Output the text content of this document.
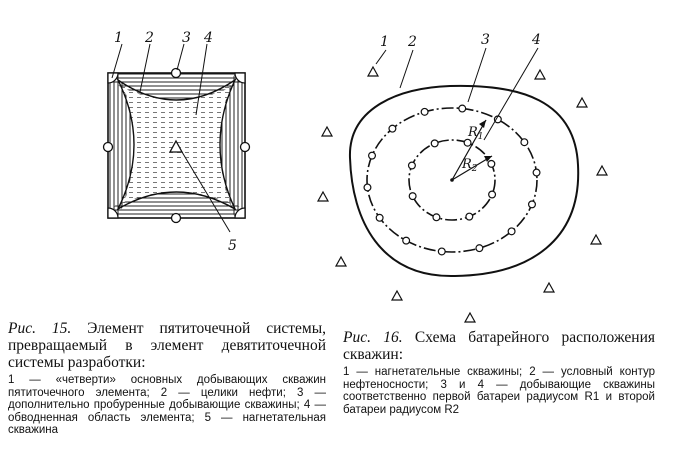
1 2 3 4
5
$R_1$
$R_2$
1 2	3	4
Рис. 15. Элемент пятиточечной системы, превращаемый в элемент девятиточечной системы разработки:
1 — «четверти» основных добывающих скважин пятиточечного элемента; 2 — целики нефти; 3 — дополнительно пробуренные добывающие скважины; 4 — обводненная область элемента; 5 — нагнетательная скважина
Рис. 16. Схема батарейного расположения скважин:
1 — нагнетательные скважины; 2 — условный контур нефтеносности; 3 и 4 — добывающие скважины соответственно первой батареи радиусом R1 и второй батареи радиусом R2
